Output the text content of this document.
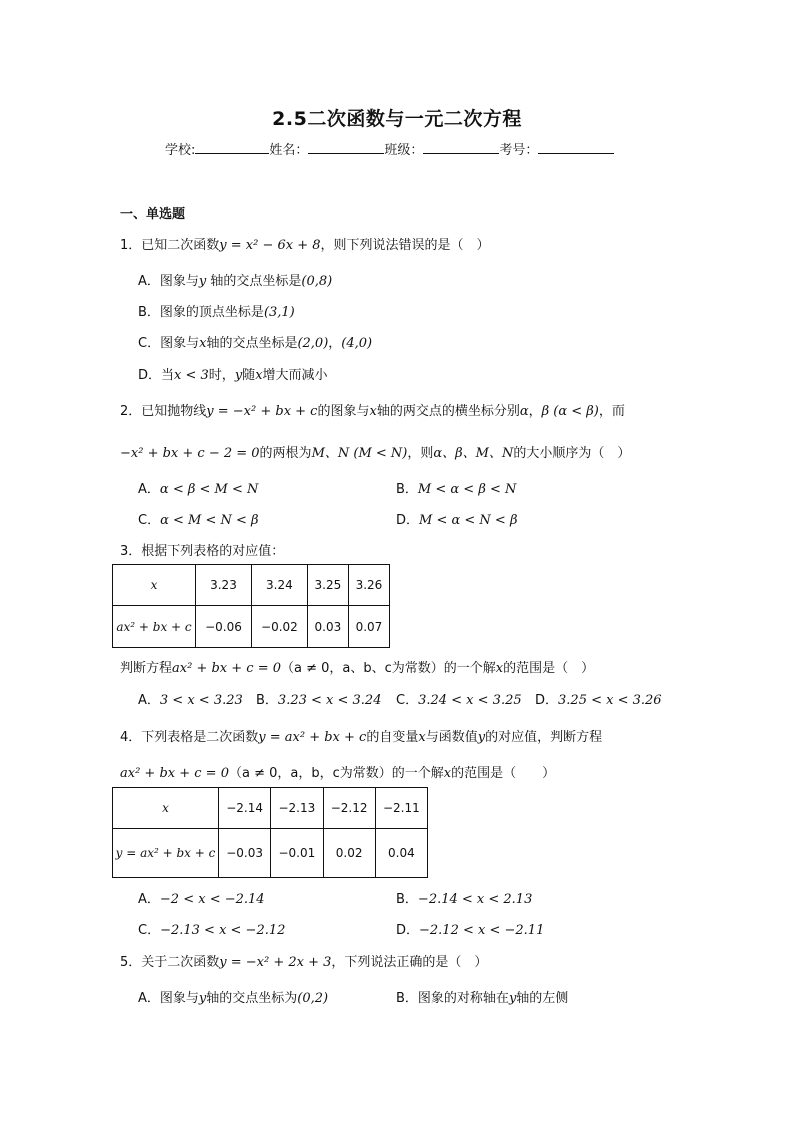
2.5二次函数与一元二次方程
学校:	姓名：	班级：	考号：
一、单选题
1．已知二次函数y = x² − 6x + 8，则下列说法错误的是（　）
A．图象与y 轴的交点坐标是(0,8)
B．图象的顶点坐标是(3,1)
C．图象与x轴的交点坐标是(2,0)，(4,0)
D．当x < 3时，y随x增大而减小
2．已知抛物线y = −x² + bx + c的图象与x轴的两交点的横坐标分别α，β (α < β)，而
−x² + bx + c − 2 = 0的两根为M、N (M < N)，则α、β、M、N的大小顺序为（　）
A．α < β < M < N	B．M < α < β < N
C．α < M < N < β	D．M < α < N < β
3．根据下列表格的对应值：
x	3.23	3.24	3.25	3.26
ax² + bx + c	−0.06	−0.02	0.03	0.07
判断方程ax² + bx + c = 0（a ≠ 0，a、b、c为常数）的一个解x的范围是（　）
A．3 < x < 3.23 B．3.23 < x < 3.24 C．3.24 < x < 3.25 D．3.25 < x < 3.26
4．下列表格是二次函数y = ax² + bx + c的自变量x与函数值y的对应值，判断方程
ax² + bx + c = 0（a ≠ 0，a，b，c为常数）的一个解x的范围是（　　）
x	−2.14	−2.13	−2.12	−2.11
y = ax² + bx + c	−0.03	−0.01	0.02	0.04
A．−2 < x < −2.14	B．−2.14 < x < 2.13
C．−2.13 < x < −2.12	D．−2.12 < x < −2.11
5．关于二次函数y = −x² + 2x + 3，下列说法正确的是（　）
A．图象与y轴的交点坐标为(0,2)	B．图象的对称轴在y轴的左侧
